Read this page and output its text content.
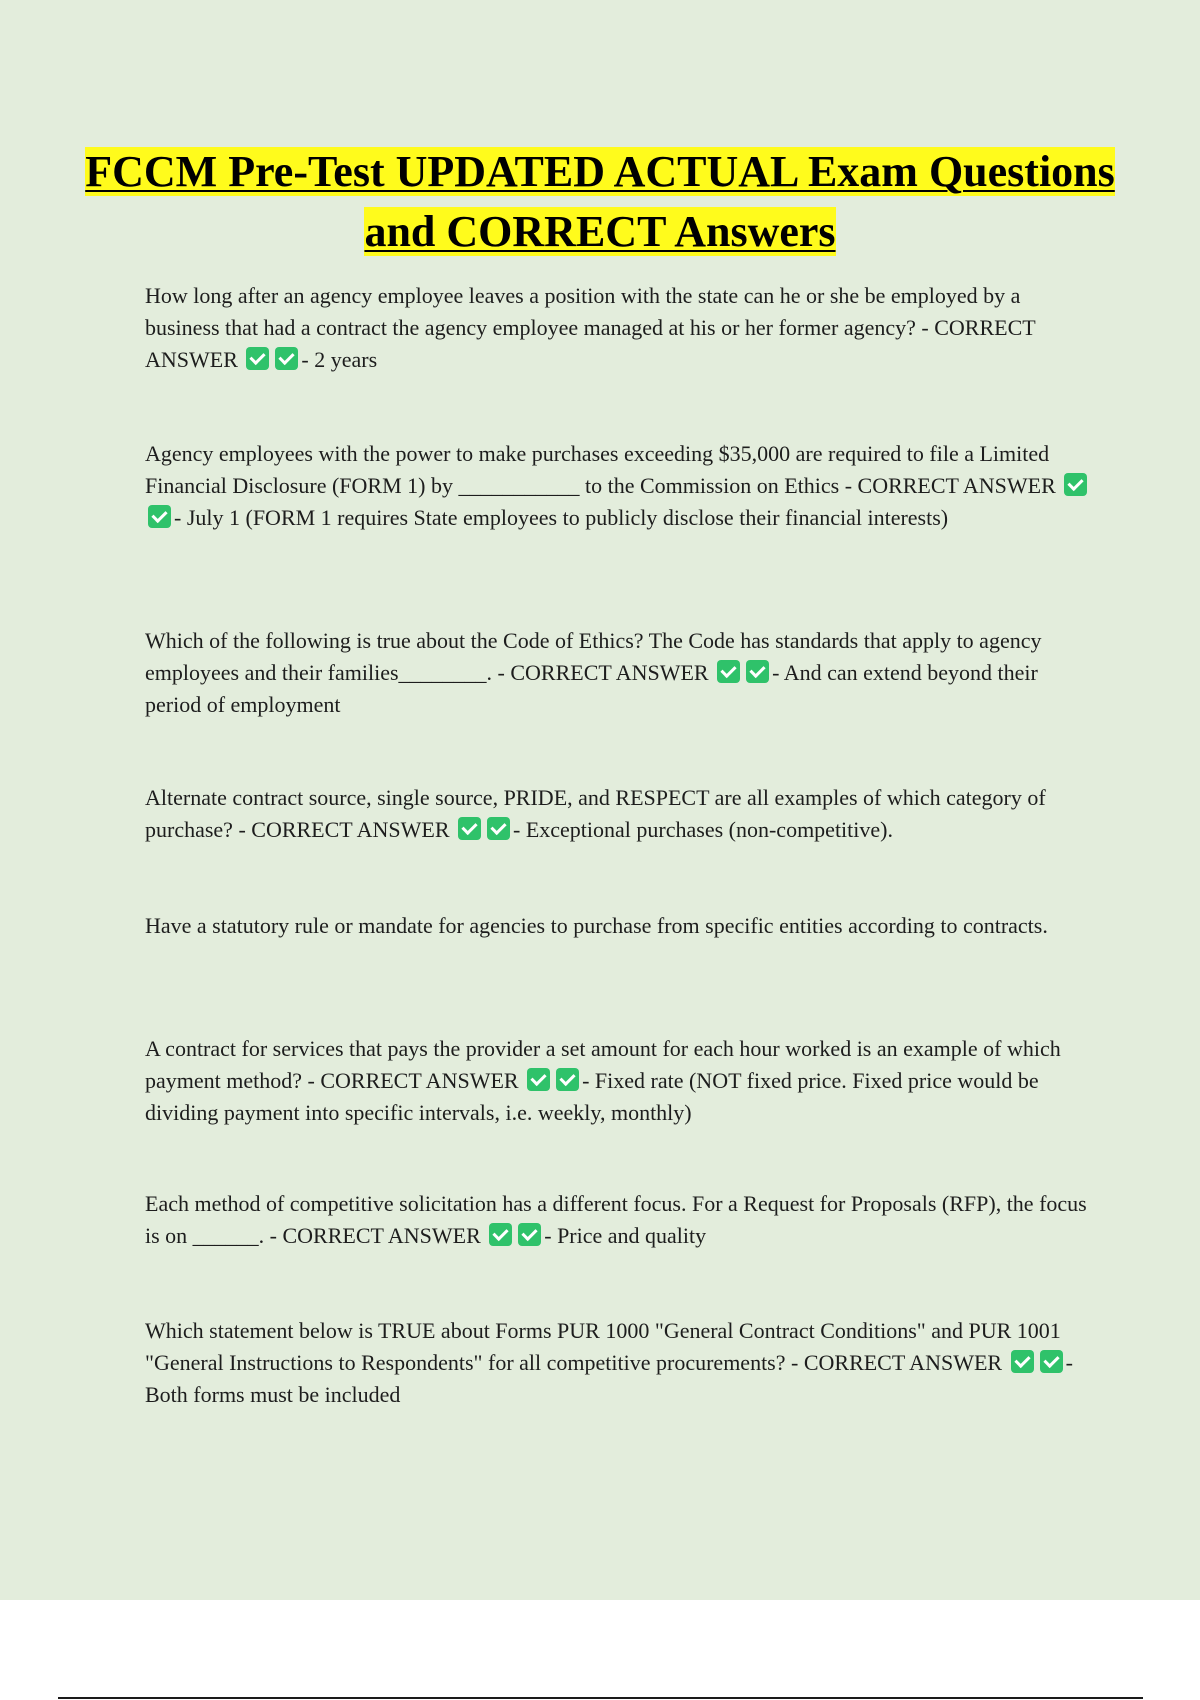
FCCM Pre-Test UPDATED ACTUAL Exam Questions and CORRECT Answers
How long after an agency employee leaves a position with the state can he or she be employed by a business that had a contract the agency employee managed at his or her former agency? - CORRECT ANSWER	- 2 years
Agency employees with the power to make purchases exceeding $35,000 are required to file a Limited Financial Disclosure (FORM 1) by ___________ to the Commission on Ethics - CORRECT ANSWER - July 1 (FORM 1 requires State employees to publicly disclose their financial interests)
Which of the following is true about the Code of Ethics? The Code has standards that apply to agency employees and their families________. - CORRECT ANSWER	- And can extend beyond their period of employment
Alternate contract source, single source, PRIDE, and RESPECT are all examples of which category of purchase? - CORRECT ANSWER	- Exceptional purchases (non-competitive).
Have a statutory rule or mandate for agencies to purchase from specific entities according to contracts.
A contract for services that pays the provider a set amount for each hour worked is an example of which payment method? - CORRECT ANSWER	- Fixed rate (NOT fixed price. Fixed price would be dividing payment into specific intervals, i.e. weekly, monthly)
Each method of competitive solicitation has a different focus. For a Request for Proposals (RFP), the focus is on ______. - CORRECT ANSWER	- Price and quality
Which statement below is TRUE about Forms PUR 1000 "General Contract Conditions" and PUR 1001 "General Instructions to Respondents" for all competitive procurements? - CORRECT ANSWER	- Both forms must be included
